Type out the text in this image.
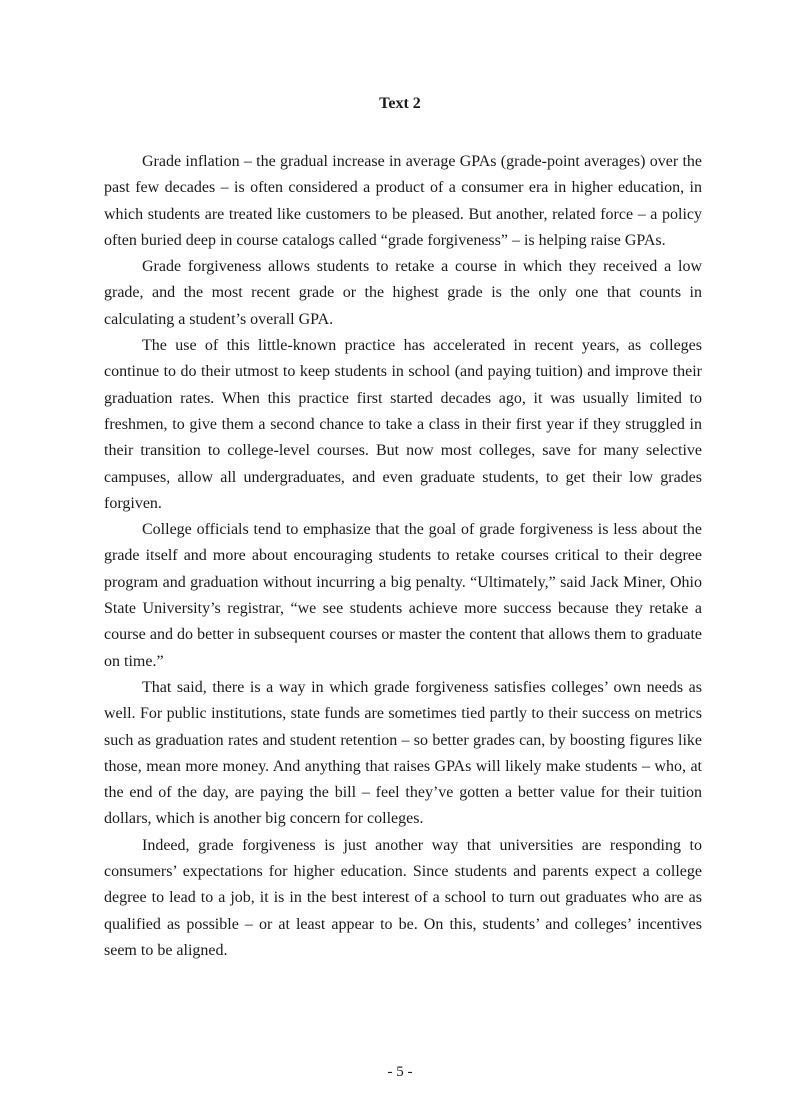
Text 2

Grade inflation – the gradual increase in average GPAs (grade-point averages) over the past few decades – is often considered a product of a consumer era in higher education, in which students are treated like customers to be pleased. But another, related force – a policy often buried deep in course catalogs called “grade forgiveness” – is helping raise GPAs.

Grade forgiveness allows students to retake a course in which they received a low grade, and the most recent grade or the highest grade is the only one that counts in calculating a student’s overall GPA.

The use of this little-known practice has accelerated in recent years, as colleges continue to do their utmost to keep students in school (and paying tuition) and improve their graduation rates. When this practice first started decades ago, it was usually limited to freshmen, to give them a second chance to take a class in their first year if they struggled in their transition to college-level courses. But now most colleges, save for many selective campuses, allow all undergraduates, and even graduate students, to get their low grades forgiven.

College officials tend to emphasize that the goal of grade forgiveness is less about the grade itself and more about encouraging students to retake courses critical to their degree program and graduation without incurring a big penalty. “Ultimately,” said Jack Miner, Ohio State University’s registrar, “we see students achieve more success because they retake a course and do better in subsequent courses or master the content that allows them to graduate on time.”

That said, there is a way in which grade forgiveness satisfies colleges’ own needs as well. For public institutions, state funds are sometimes tied partly to their success on metrics such as graduation rates and student retention – so better grades can, by boosting figures like those, mean more money. And anything that raises GPAs will likely make students – who, at the end of the day, are paying the bill – feel they’ve gotten a better value for their tuition dollars, which is another big concern for colleges.

Indeed, grade forgiveness is just another way that universities are responding to consumers’ expectations for higher education. Since students and parents expect a college degree to lead to a job, it is in the best interest of a school to turn out graduates who are as qualified as possible – or at least appear to be. On this, students’ and colleges’ incentives seem to be aligned.

- 5 -
